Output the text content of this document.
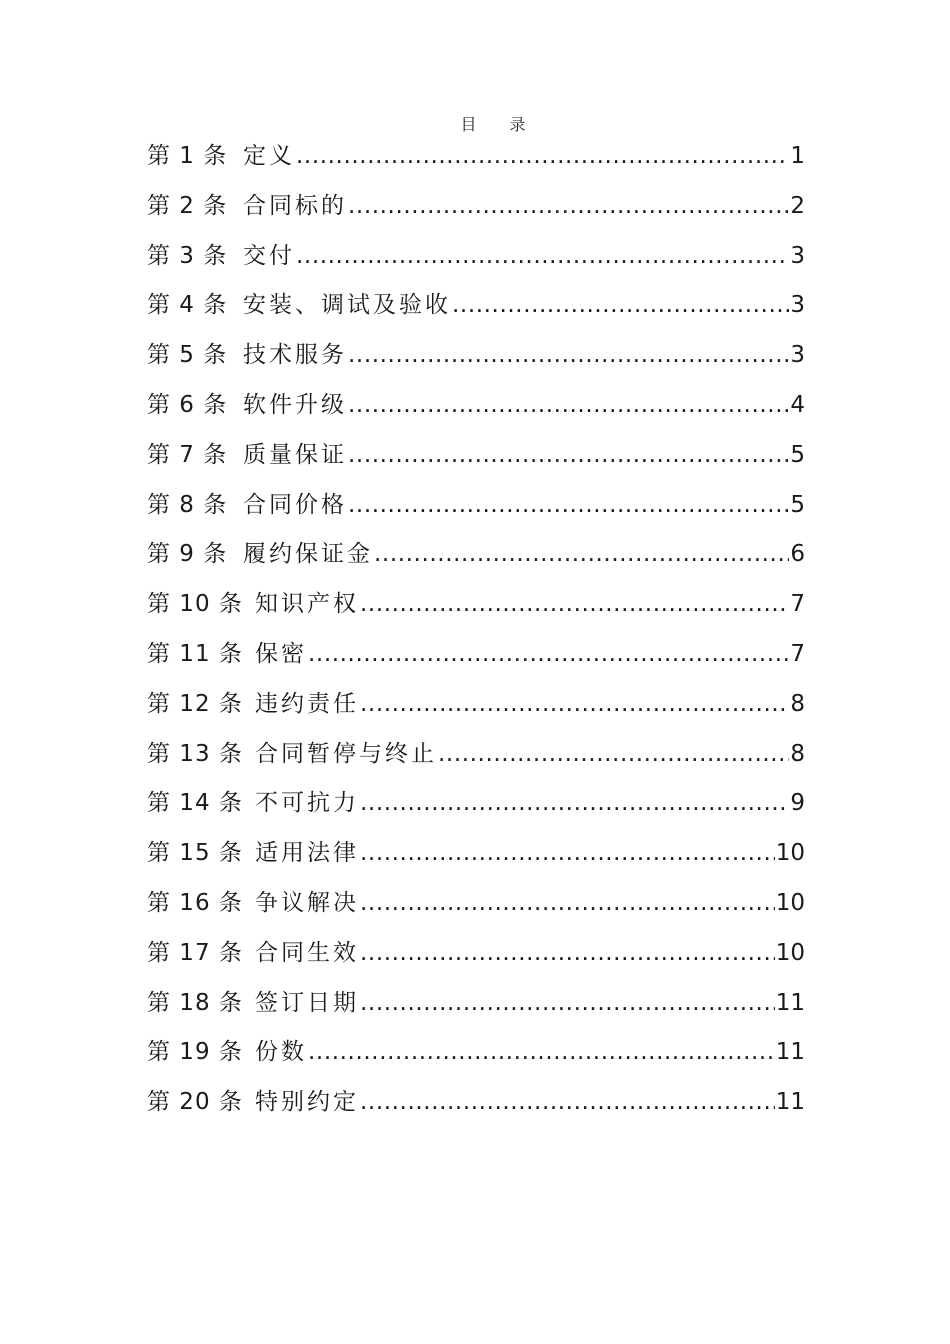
目 录
第 1 条 定义 .....	1
第 2 条 合同标的 .....	2
第 3 条 交付 .....	3
第 4 条 安装、调试及验收 .....	3
第 5 条 技术服务 .....	3
第 6 条 软件升级 .....	4
第 7 条 质量保证 .....	5
第 8 条 合同价格 .....	5
第 9 条 履约保证金 .....	6
第 10 条 知识产权 .....	7
第 11 条 保密 .....	7
第 12 条 违约责任 .....	8
第 13 条 合同暂停与终止 .....	8
第 14 条 不可抗力 .....	9
第 15 条 适用法律 .....	10
第 16 条 争议解决 .....	10
第 17 条 合同生效 .....	10
第 18 条 签订日期 .....	11
第 19 条 份数 .....	11
第 20 条 特别约定 .....	11
